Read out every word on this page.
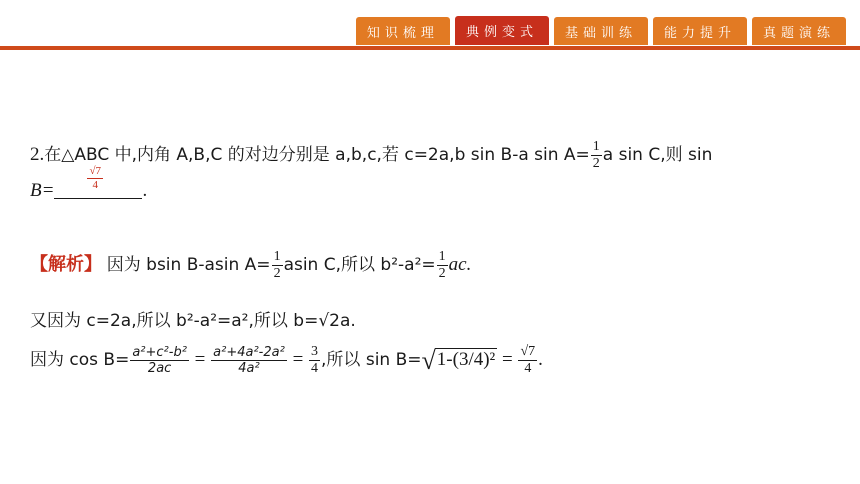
知识梳理	典例变式	基础训练	能力提升	真题演练
2.在△ABC 中,内角 A,B,C 的对边分别是 a,b,c,若 c=2a,b sin B-a $\sin A= \frac{1}{2}$ a sin C,则 sin
B=	$\frac{√7}{4}$ .
【解析】 因为 bsin B-asin $A= \frac{1}{2}$ asin C,所以 $b^2-a^2= \frac{1}{2}$ ac.
又因为 c=2a,所以 b²-a²=a²,所以 b=√2a.
因为 $\cos B= \frac{\text{a²+c²-b²}}{2ac} = \frac{\text{a²+4a²-2a²}}{\text{4a²}} = \frac{3}{4}$ ,所以 $\sin B=√1-(3/4)^2 = \frac{√7}{4}$ .
